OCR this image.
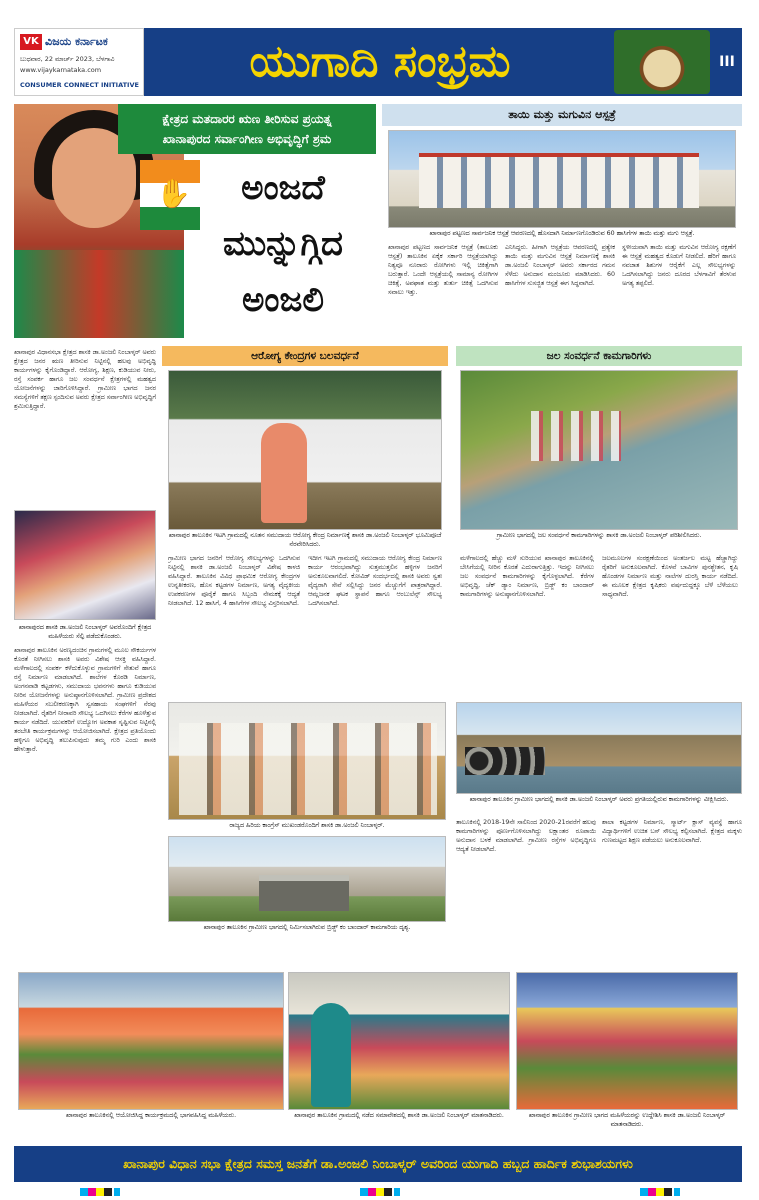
VK ವಿಜಯ ಕರ್ನಾಟಕ
ಬುಧವಾರ, 22 ಮಾರ್ಚ್ 2023, ಬೆಳಗಾವಿ
www.vijaykarnataka.com
CONSUMER CONNECT INITIATIVE	ಯುಗಾದಿ ಸಂಭ್ರಮ	III
ಕ್ಷೇತ್ರದ ಮತದಾರರ ಋಣ ತೀರಿಸುವ ಪ್ರಯತ್ನ
ಖಾನಾಪುರದ ಸರ್ವಾಂಗೀಣ ಅಭಿವೃದ್ಧಿಗೆ ಶ್ರಮ
✋	ಅಂಜದೆ
ಮುನ್ನುಗ್ಗಿದ
ಅಂಜಲಿ
ತಾಯಿ ಮತ್ತು ಮಗುವಿನ ಆಸ್ಪತ್ರೆ
ಖಾನಾಪುರ ಪಟ್ಟಣದ ಸಾರ್ವಜನಿಕ ಆಸ್ಪತ್ರೆ ಆವರಣದಲ್ಲಿ ಹೊಸದಾಗಿ ನಿರ್ಮಾಣಗೊಂಡಿರುವ 60 ಹಾಸಿಗೆಗಳ ತಾಯಿ ಮತ್ತು ಮಗು ಆಸ್ಪತ್ರೆ.
ಖಾನಾಪುರ ಪಟ್ಟಣದ ಸಾರ್ವಜನಿಕ ಆಸ್ಪತ್ರೆ (ತಾಲೂಕು ಆಸ್ಪತ್ರೆ) ತಾಲೂಕಿನ ಏಕೈಕ ಸರ್ಕಾರಿ ಆಸ್ಪತ್ರೆಯಾಗಿದ್ದು ನಿತ್ಯವೂ ನೂರಾರು ರೋಗಿಗಳು ಇಲ್ಲಿ ಚಿಕಿತ್ಸೆಗಾಗಿ ಬರುತ್ತಾರೆ. ಒಂದೇ ಆಸ್ಪತ್ರೆಯಲ್ಲಿ ಸಾಮಾನ್ಯ ರೋಗಿಗಳ ಚಿಕಿತ್ಸೆ, ಅಪಘಾತ ಮತ್ತು ತುರ್ತು ಚಿಕಿತ್ಸೆ ಒದಗಿಸುವ ಸವಾಲು ಇತ್ತು.
ಎನಿಸಿದ್ದರು. ಹೀಗಾಗಿ ಆಸ್ಪತ್ರೆಯ ಆವರಣದಲ್ಲಿ ಪ್ರತ್ಯೇಕ ತಾಯಿ ಮತ್ತು ಮಗುವಿನ ಆಸ್ಪತ್ರೆ ನಿರ್ಮಾಣಕ್ಕೆ ಶಾಸಕಿ ಡಾ.ಅಂಜಲಿ ನಿಂಬಾಳ್ಕರ್ ಅವರು ಸರ್ಕಾರದ ಗಮನ ಸೆಳೆದು ಅನುದಾನ ಮಂಜೂರು ಮಾಡಿಸಿದರು. 60 ಹಾಸಿಗೆಗಳ ಸುಸಜ್ಜಿತ ಆಸ್ಪತ್ರೆ ಈಗ ಸಿದ್ಧವಾಗಿದೆ.
ಸ್ಥಳೀಯವಾಗಿ ತಾಯಿ ಮತ್ತು ಮಗುವಿನ ಆರೋಗ್ಯ ರಕ್ಷಣೆಗೆ ಈ ಆಸ್ಪತ್ರೆ ಮಹತ್ವದ ಕೊಡುಗೆ ನೀಡಲಿದೆ. ಹೆರಿಗೆ ಹಾಗೂ ನವಜಾತ ಶಿಶುಗಳ ಆರೈಕೆಗೆ ಎಲ್ಲ ಸೌಲಭ್ಯಗಳನ್ನು ಒದಗಿಸಲಾಗಿದ್ದು ಜನರು ದೂರದ ಬೆಳಗಾವಿಗೆ ತೆರಳುವ ಅಗತ್ಯ ತಪ್ಪಲಿದೆ.
ಖಾನಾಪುರ ವಿಧಾನಸಭಾ ಕ್ಷೇತ್ರದ ಶಾಸಕಿ ಡಾ.ಅಂಜಲಿ ನಿಂಬಾಳ್ಕರ್ ಅವರು ಕ್ಷೇತ್ರದ ಜನರ ಋಣ ತೀರಿಸುವ ನಿಟ್ಟಿನಲ್ಲಿ ಹಲವು ಅಭಿವೃದ್ಧಿ ಕಾರ್ಯಗಳನ್ನು ಕೈಗೊಂಡಿದ್ದಾರೆ. ಆರೋಗ್ಯ, ಶಿಕ್ಷಣ, ಕುಡಿಯುವ ನೀರು, ರಸ್ತೆ ಸಂಪರ್ಕ ಹಾಗೂ ಜಲ ಸಂವರ್ಧನೆ ಕ್ಷೇತ್ರಗಳಲ್ಲಿ ಮಹತ್ವದ ಯೋಜನೆಗಳನ್ನು ಜಾರಿಗೊಳಿಸಿದ್ದಾರೆ. ಗ್ರಾಮೀಣ ಭಾಗದ ಜನರ ಸಮಸ್ಯೆಗಳಿಗೆ ತಕ್ಷಣ ಸ್ಪಂದಿಸುವ ಅವರು ಕ್ಷೇತ್ರದ ಸರ್ವಾಂಗೀಣ ಅಭಿವೃದ್ಧಿಗೆ ಶ್ರಮಿಸುತ್ತಿದ್ದಾರೆ.
ಖಾನಾಪುರದ ಶಾಸಕಿ ಡಾ.ಅಂಜಲಿ ನಿಂಬಾಳ್ಕರ್ ಅವರೊಂದಿಗೆ ಕ್ಷೇತ್ರದ ಮಹಿಳೆಯರು ಸೆಲ್ಫಿ ಪಡೆದುಕೊಂಡರು.
ಖಾನಾಪುರ ತಾಲೂಕಿನ ಅರಣ್ಯದಂಚಿನ ಗ್ರಾಮಗಳಲ್ಲಿ ಮೂಲ ಸೌಕರ್ಯಗಳ ಕೊರತೆ ನೀಗಿಸಲು ಶಾಸಕಿ ಅವರು ವಿಶೇಷ ಆಸಕ್ತಿ ವಹಿಸಿದ್ದಾರೆ. ಮಳೆಗಾಲದಲ್ಲಿ ಸಂಪರ್ಕ ಕಳೆದುಕೊಳ್ಳುವ ಗ್ರಾಮಗಳಿಗೆ ಸೇತುವೆ ಹಾಗೂ ರಸ್ತೆ ನಿರ್ಮಾಣ ಮಾಡಲಾಗಿದೆ. ಶಾಲೆಗಳ ಕೊಠಡಿ ನಿರ್ಮಾಣ, ಅಂಗನವಾಡಿ ಕಟ್ಟಡಗಳು, ಸಮುದಾಯ ಭವನಗಳು ಹಾಗೂ ಕುಡಿಯುವ ನೀರಿನ ಯೋಜನೆಗಳನ್ನು ಅನುಷ್ಠಾನಗೊಳಿಸಲಾಗಿದೆ. ಗ್ರಾಮೀಣ ಪ್ರದೇಶದ ಮಹಿಳೆಯರ ಸಬಲೀಕರಣಕ್ಕಾಗಿ ಸ್ವಸಹಾಯ ಸಂಘಗಳಿಗೆ ನೆರವು ನೀಡಲಾಗಿದೆ. ರೈತರಿಗೆ ನೀರಾವರಿ ಸೌಲಭ್ಯ ಒದಗಿಸಲು ಕೆರೆಗಳ ಹೂಳೆತ್ತುವ ಕಾರ್ಯ ನಡೆದಿದೆ. ಯುವಕರಿಗೆ ಉದ್ಯೋಗ ಅವಕಾಶ ಸೃಷ್ಟಿಸುವ ನಿಟ್ಟಿನಲ್ಲಿ ತರಬೇತಿ ಕಾರ್ಯಕ್ರಮಗಳನ್ನು ಆಯೋಜಿಸಲಾಗಿದೆ. ಕ್ಷೇತ್ರದ ಪ್ರತಿಯೊಂದು ಹಳ್ಳಿಗೂ ಅಭಿವೃದ್ಧಿ ತಲುಪಿಸುವುದು ತಮ್ಮ ಗುರಿ ಎಂದು ಶಾಸಕಿ ಹೇಳುತ್ತಾರೆ.
ಆರೋಗ್ಯ ಕೇಂದ್ರಗಳ ಬಲವರ್ಧನೆ
ಖಾನಾಪುರ ತಾಲೂಕಿನ ಇಟಗಿ ಗ್ರಾಮದಲ್ಲಿ ನೂತನ ಸಮುದಾಯ ಆರೋಗ್ಯ ಕೇಂದ್ರ ನಿರ್ಮಾಣಕ್ಕೆ ಶಾಸಕಿ ಡಾ.ಅಂಜಲಿ ನಿಂಬಾಳ್ಕರ್ ಭೂಮಿಪೂಜೆ ನೆರವೇರಿಸಿದರು.
ಗ್ರಾಮೀಣ ಭಾಗದ ಜನರಿಗೆ ಆರೋಗ್ಯ ಸೌಲಭ್ಯಗಳನ್ನು ಒದಗಿಸುವ ನಿಟ್ಟಿನಲ್ಲಿ ಶಾಸಕಿ ಡಾ.ಅಂಜಲಿ ನಿಂಬಾಳ್ಕರ್ ವಿಶೇಷ ಕಾಳಜಿ ವಹಿಸಿದ್ದಾರೆ. ತಾಲೂಕಿನ ವಿವಿಧ ಪ್ರಾಥಮಿಕ ಆರೋಗ್ಯ ಕೇಂದ್ರಗಳ ಉನ್ನತೀಕರಣ, ಹೊಸ ಕಟ್ಟಡಗಳ ನಿರ್ಮಾಣ, ಅಗತ್ಯ ವೈದ್ಯಕೀಯ ಉಪಕರಣಗಳ ಪೂರೈಕೆ ಹಾಗೂ ಸಿಬ್ಬಂದಿ ನೇಮಕಕ್ಕೆ ಆದ್ಯತೆ ನೀಡಲಾಗಿದೆ. 12 ಹಾಸಿಗೆ, 4 ಹಾಸಿಗೆಗಳ ಸೌಲಭ್ಯ ವಿಸ್ತರಿಸಲಾಗಿದೆ.
ಇದೀಗ ಇಟಗಿ ಗ್ರಾಮದಲ್ಲಿ ಸಮುದಾಯ ಆರೋಗ್ಯ ಕೇಂದ್ರ ನಿರ್ಮಾಣ ಕಾರ್ಯ ಆರಂಭವಾಗಿದ್ದು ಸುತ್ತಮುತ್ತಲಿನ ಹಳ್ಳಿಗಳ ಜನರಿಗೆ ಅನುಕೂಲವಾಗಲಿದೆ. ಕೋವಿಡ್ ಸಂದರ್ಭದಲ್ಲಿ ಶಾಸಕಿ ಅವರು ಸ್ವತಃ ವೈದ್ಯರಾಗಿ ಸೇವೆ ಸಲ್ಲಿಸಿದ್ದು ಜನರ ಮೆಚ್ಚುಗೆಗೆ ಪಾತ್ರರಾಗಿದ್ದಾರೆ. ಆಮ್ಲಜನಕ ಘಟಕ ಸ್ಥಾಪನೆ ಹಾಗೂ ಆಂಬುಲೆನ್ಸ್ ಸೌಲಭ್ಯ ಒದಗಿಸಲಾಗಿದೆ.
ರಾಜ್ಯದ ಹಿರಿಯ ಕಾಂಗ್ರೆಸ್ ಮುಖಂಡರೊಂದಿಗೆ ಶಾಸಕಿ ಡಾ.ಅಂಜಲಿ ನಿಂಬಾಳ್ಕರ್.
ಖಾನಾಪುರ ತಾಲೂಕಿನ ಗ್ರಾಮೀಣ ಭಾಗದಲ್ಲಿ ನಿರ್ಮಿಸಲಾಗಿರುವ ಬ್ರಿಡ್ಜ್ ಕಂ ಬಾಂದಾರ್ ಕಾಮಗಾರಿಯ ದೃಶ್ಯ.
ಜಲ ಸಂವರ್ಧನೆ ಕಾಮಗಾರಿಗಳು
ಗ್ರಾಮೀಣ ಭಾಗದಲ್ಲಿ ಜಲ ಸಂವರ್ಧನೆ ಕಾಮಗಾರಿಗಳನ್ನು ಶಾಸಕಿ ಡಾ.ಅಂಜಲಿ ನಿಂಬಾಳ್ಕರ್ ಪರಿಶೀಲಿಸಿದರು.
ಮಳೆಗಾಲದಲ್ಲಿ ಹೆಚ್ಚು ಮಳೆ ಸುರಿಯುವ ಖಾನಾಪುರ ತಾಲೂಕಿನಲ್ಲಿ ಬೇಸಿಗೆಯಲ್ಲಿ ನೀರಿನ ಕೊರತೆ ಎದುರಾಗುತ್ತಿತ್ತು. ಇದನ್ನು ನೀಗಿಸಲು ಜಲ ಸಂವರ್ಧನೆ ಕಾಮಗಾರಿಗಳನ್ನು ಕೈಗೊಳ್ಳಲಾಗಿದೆ. ಕೆರೆಗಳ ಅಭಿವೃದ್ಧಿ, ಚೆಕ್ ಡ್ಯಾಂ ನಿರ್ಮಾಣ, ಬ್ರಿಡ್ಜ್ ಕಂ ಬಾಂದಾರ್ ಕಾಮಗಾರಿಗಳನ್ನು ಅನುಷ್ಠಾನಗೊಳಿಸಲಾಗಿದೆ.
ಜಲಮೂಲಗಳ ಸಂರಕ್ಷಣೆಯಿಂದ ಅಂತರ್ಜಲ ಮಟ್ಟ ಹೆಚ್ಚಾಗಿದ್ದು ರೈತರಿಗೆ ಅನುಕೂಲವಾಗಿದೆ. ಕೊಳವೆ ಬಾವಿಗಳ ಪುನಶ್ಚೇತನ, ಕೃಷಿ ಹೊಂಡಗಳ ನಿರ್ಮಾಣ ಮತ್ತು ನಾಲೆಗಳ ದುರಸ್ತಿ ಕಾರ್ಯ ನಡೆದಿದೆ. ಈ ಮೂಲಕ ಕ್ಷೇತ್ರದ ಕೃಷಿಕರು ವರ್ಷದುದ್ದಕ್ಕೂ ಬೆಳೆ ಬೆಳೆಯಲು ಸಾಧ್ಯವಾಗಿದೆ.
ಖಾನಾಪುರ ತಾಲೂಕಿನ ಗ್ರಾಮೀಣ ಭಾಗದಲ್ಲಿ ಶಾಸಕಿ ಡಾ.ಅಂಜಲಿ ನಿಂಬಾಳ್ಕರ್ ಅವರು ಪ್ರಗತಿಯಲ್ಲಿರುವ ಕಾಮಗಾರಿಗಳನ್ನು ವೀಕ್ಷಿಸಿದರು.
ತಾಲೂಕಿನಲ್ಲಿ 2018-19ನೇ ಸಾಲಿನಿಂದ 2020-21ರವರೆಗೆ ಹಲವು ಕಾಮಗಾರಿಗಳನ್ನು ಪೂರ್ಣಗೊಳಿಸಲಾಗಿದ್ದು ಲಕ್ಷಾಂತರ ರೂಪಾಯಿ ಅನುದಾನ ಬಳಕೆ ಮಾಡಲಾಗಿದೆ. ಗ್ರಾಮೀಣ ರಸ್ತೆಗಳ ಅಭಿವೃದ್ಧಿಗೂ ಆದ್ಯತೆ ನೀಡಲಾಗಿದೆ.
ಶಾಲಾ ಕಟ್ಟಡಗಳ ನಿರ್ಮಾಣ, ಸ್ಮಾರ್ಟ್ ಕ್ಲಾಸ್ ವ್ಯವಸ್ಥೆ ಹಾಗೂ ವಿದ್ಯಾರ್ಥಿಗಳಿಗೆ ಉಚಿತ ಬಸ್ ಸೌಲಭ್ಯ ಕಲ್ಪಿಸಲಾಗಿದೆ. ಕ್ಷೇತ್ರದ ಮಕ್ಕಳು ಗುಣಮಟ್ಟದ ಶಿಕ್ಷಣ ಪಡೆಯಲು ಅನುಕೂಲವಾಗಿದೆ.
ಖಾನಾಪುರ ತಾಲೂಕಿನಲ್ಲಿ ಆಯೋಜಿಸಿದ್ದ ಕಾರ್ಯಕ್ರಮದಲ್ಲಿ ಭಾಗವಹಿಸಿದ್ದ ಮಹಿಳೆಯರು.	ಖಾನಾಪುರ ತಾಲೂಕಿನ ಗ್ರಾಮದಲ್ಲಿ ನಡೆದ ಸಮಾವೇಶದಲ್ಲಿ ಶಾಸಕಿ ಡಾ.ಅಂಜಲಿ ನಿಂಬಾಳ್ಕರ್ ಮಾತನಾಡಿದರು.	ಖಾನಾಪುರ ತಾಲೂಕಿನ ಗ್ರಾಮೀಣ ಭಾಗದ ಮಹಿಳೆಯರನ್ನು ಉದ್ದೇಶಿಸಿ ಶಾಸಕಿ ಡಾ.ಅಂಜಲಿ ನಿಂಬಾಳ್ಕರ್ ಮಾತನಾಡಿದರು.
ಖಾನಾಪುರ ವಿಧಾನ ಸಭಾ ಕ್ಷೇತ್ರದ ಸಮಸ್ತ ಜನತೆಗೆ ಡಾ.ಅಂಜಲಿ ನಿಂಬಾಳ್ಕರ್ ಅವರಿಂದ ಯುಗಾದಿ ಹಬ್ಬದ ಹಾರ್ದಿಕ ಶುಭಾಶಯಗಳು
